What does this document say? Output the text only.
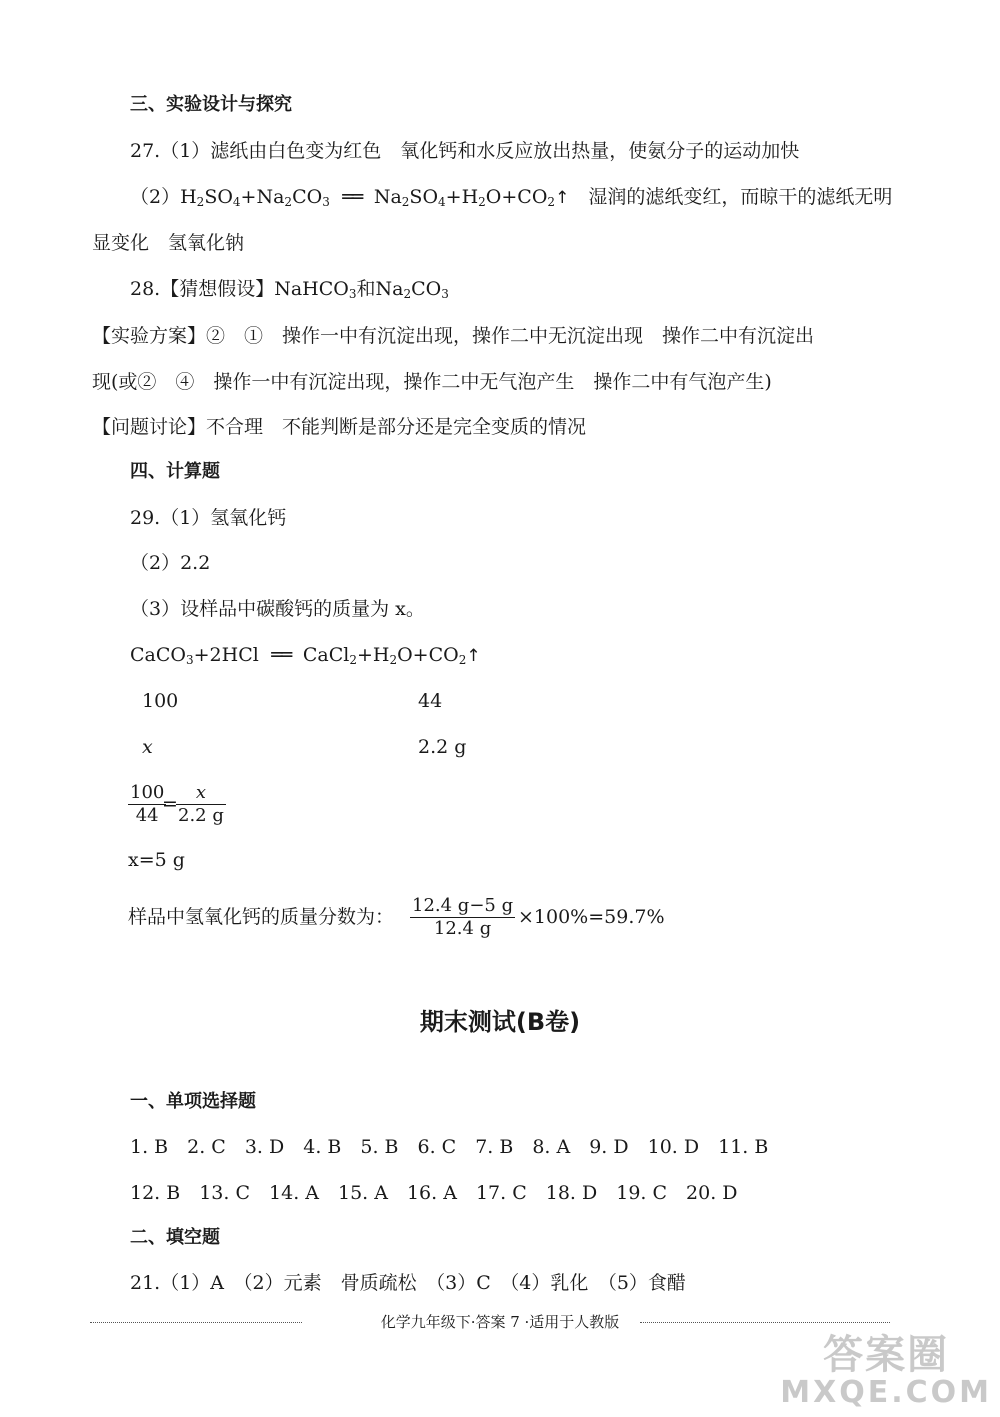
三、实验设计与探究
27.（1）滤纸由白色变为红色　氧化钙和水反应放出热量，使氨分子的运动加快
$(2)H_2SO_4+Na_2CO_3$ ══ $Na_2SO_4+H_2O+CO_2↑$　湿润的滤纸变红，而晾干的滤纸无明
显变化　氢氧化钠
28.【猜想假设】NaHCO$_3$和$Na_2CO_3$
【实验方案】②　①　操作一中有沉淀出现，操作二中无沉淀出现　操作二中有沉淀出
现(或②　④　操作一中有沉淀出现，操作二中无气泡产生　操作二中有气泡产生)
【问题讨论】不合理　不能判断是部分还是完全变质的情况
四、计算题
29.（1）氢氧化钙
（2）2.2
（3）设样品中碳酸钙的质量为 x。
CaCO$_3$+2HCl ══ $CaCl_2+H_2O+CO_2↑$
100	44
x	2.2 g
$\frac{100}{44}$
=
$\frac{x}{2.2 g}$
x=5 g
样品中氢氧化钙的质量分数为： $\frac{12.4 g-5 g}{12.4 g} \times 100\%=59.7\%$
期末测试(B卷)
一、单项选择题
1. B　2. C　3. D　4. B　5. B　6. C　7. B　8. A　9. D　10. D　11. B
12. B　13. C　14. A　15. A　16. A　17. C　18. D　19. C　20. D
二、填空题
21.（1）A　（2）元素　骨质疏松　（3）C　（4）乳化　（5）食醋
化学九年级下·答案 7 ·适用于人教版
答案圈
MXQE.COM
